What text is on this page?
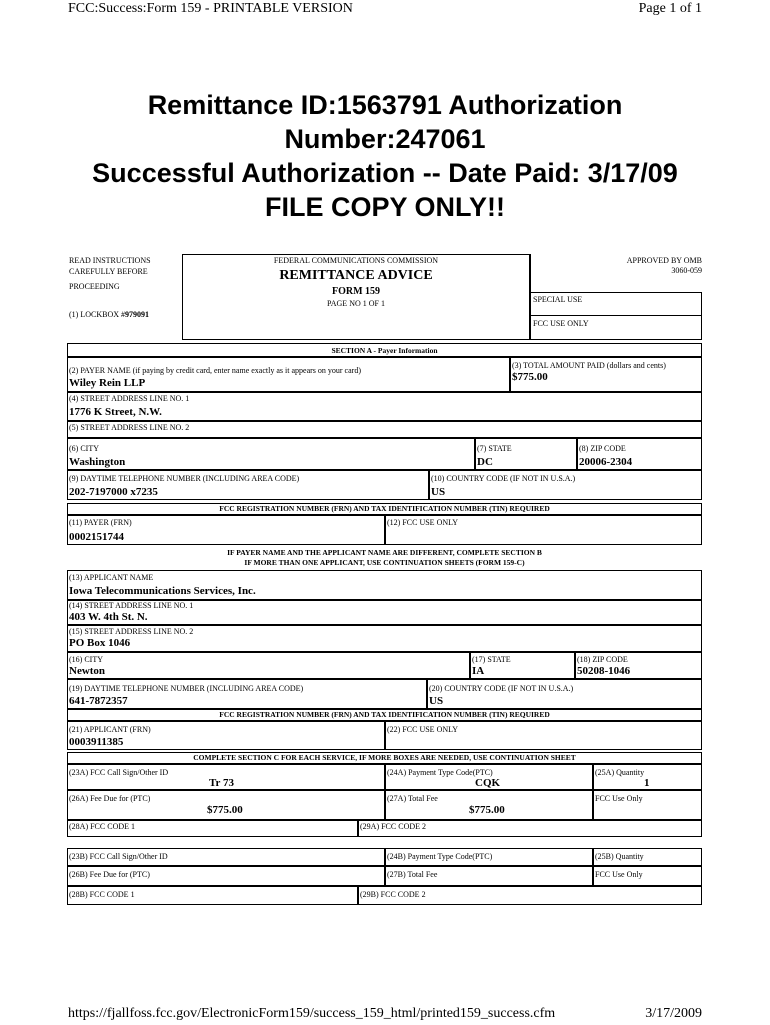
FCC:Success:Form 159 - PRINTABLE VERSION	Page 1 of 1
Remittance ID:1563791 Authorization
Number:247061
Successful Authorization -- Date Paid: 3/17/09
FILE COPY ONLY!!
READ INSTRUCTIONS
CAREFULLY BEFORE
PROCEEDING
(1) LOCKBOX #979091
FEDERAL COMMUNICATIONS COMMISSION
REMITTANCE ADVICE
FORM 159
PAGE NO 1 OF 1
APPROVED BY OMB
3060-059
SPECIAL USE
FCC USE ONLY
SECTION A - Payer Information
(2) PAYER NAME (if paying by credit card, enter name exactly as it appears on your card)
Wiley Rein LLP
(3) TOTAL AMOUNT PAID (dollars and cents)
$775.00
(4) STREET ADDRESS LINE NO. 1
1776 K Street, N.W.
(5) STREET ADDRESS LINE NO. 2
(6) CITY
Washington
(7) STATE
DC
(8) ZIP CODE
20006-2304
(9) DAYTIME TELEPHONE NUMBER (INCLUDING AREA CODE)
202-7197000 x7235
(10) COUNTRY CODE (IF NOT IN U.S.A.)
US
FCC REGISTRATION NUMBER (FRN) AND TAX IDENTIFICATION NUMBER (TIN) REQUIRED
(11) PAYER (FRN)
0002151744
(12) FCC USE ONLY
IF PAYER NAME AND THE APPLICANT NAME ARE DIFFERENT, COMPLETE SECTION B
IF MORE THAN ONE APPLICANT, USE CONTINUATION SHEETS (FORM 159-C)
(13) APPLICANT NAME
Iowa Telecommunications Services, Inc.
(14) STREET ADDRESS LINE NO. 1
403 W. 4th St. N.
(15) STREET ADDRESS LINE NO. 2
PO Box 1046
(16) CITY
Newton
(17) STATE
IA
(18) ZIP CODE
50208-1046
(19) DAYTIME TELEPHONE NUMBER (INCLUDING AREA CODE)
641-7872357
(20) COUNTRY CODE (IF NOT IN U.S.A.)
US
FCC REGISTRATION NUMBER (FRN) AND TAX IDENTIFICATION NUMBER (TIN) REQUIRED
(21) APPLICANT (FRN)
0003911385
(22) FCC USE ONLY
COMPLETE SECTION C FOR EACH SERVICE, IF MORE BOXES ARE NEEDED, USE CONTINUATION SHEET
(23A) FCC Call Sign/Other ID
Tr 73
(24A) Payment Type Code(PTC)
CQK
(25A) Quantity
1
(26A) Fee Due for (PTC)
$775.00
(27A) Total Fee
$775.00
FCC Use Only
(28A) FCC CODE 1	(29A) FCC CODE 2
(23B) FCC Call Sign/Other ID	(24B) Payment Type Code(PTC)	(25B) Quantity
(26B) Fee Due for (PTC)	(27B) Total Fee	FCC Use Only
(28B) FCC CODE 1	(29B) FCC CODE 2
https://fjallfoss.fcc.gov/ElectronicForm159/success_159_html/printed159_success.cfm	3/17/2009
